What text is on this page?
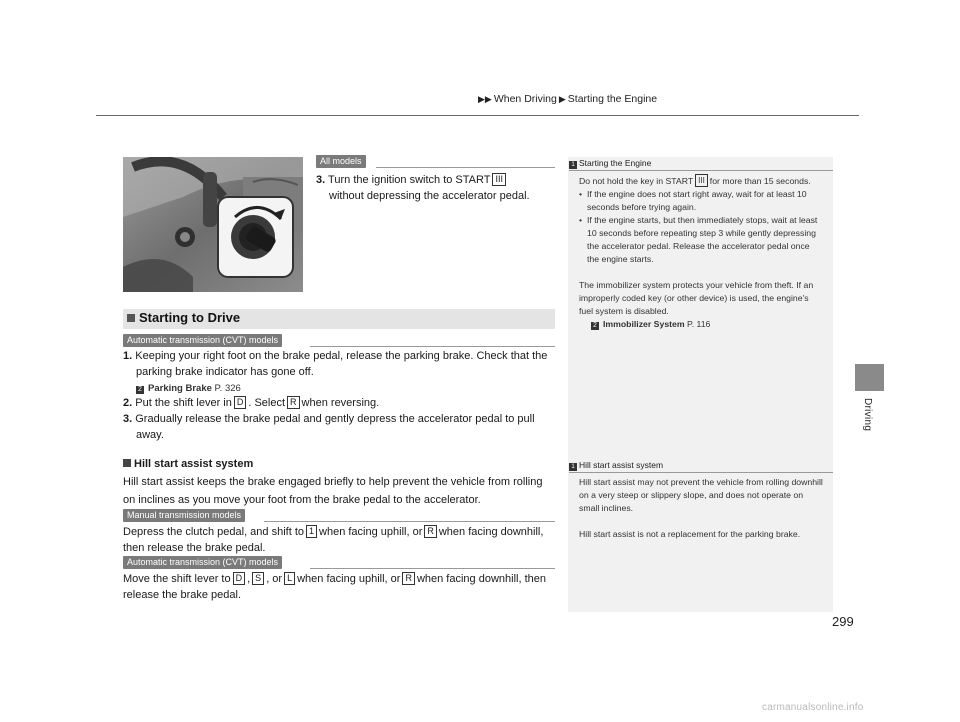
▶▶ When Driving ▶ Starting the Engine
Driving
All models
3. Turn the ignition switch to START III
without depressing the accelerator pedal.
Starting to Drive
Automatic transmission (CVT) models
1. Keeping your right foot on the brake pedal, release the parking brake. Check that the parking brake indicator has gone off.
2 Parking Brake P. 326
2. Put the shift lever in D . Select R when reversing.
3. Gradually release the brake pedal and gently depress the accelerator pedal to pull away.
Hill start assist system
Hill start assist keeps the brake engaged briefly to help prevent the vehicle from rolling on inclines as you move your foot from the brake pedal to the accelerator.
Manual transmission models
Depress the clutch pedal, and shift to 1 when facing uphill, or R when facing downhill, then release the brake pedal.
Automatic transmission (CVT) models
Move the shift lever to D , S , or L when facing uphill, or R when facing downhill, then release the brake pedal.
1 Starting the Engine
Do not hold the key in START III for more than 15 seconds.
• If the engine does not start right away, wait for at least 10 seconds before trying again.
• If the engine starts, but then immediately stops, wait at least 10 seconds before repeating step 3 while gently depressing the accelerator pedal. Release the accelerator pedal once the engine starts.
The immobilizer system protects your vehicle from theft. If an improperly coded key (or other device) is used, the engine's fuel system is disabled.
2 Immobilizer System P. 116
1 Hill start assist system
Hill start assist may not prevent the vehicle from rolling downhill on a very steep or slippery slope, and does not operate on small inclines.
Hill start assist is not a replacement for the parking brake.
299
carmanualsonline.info
